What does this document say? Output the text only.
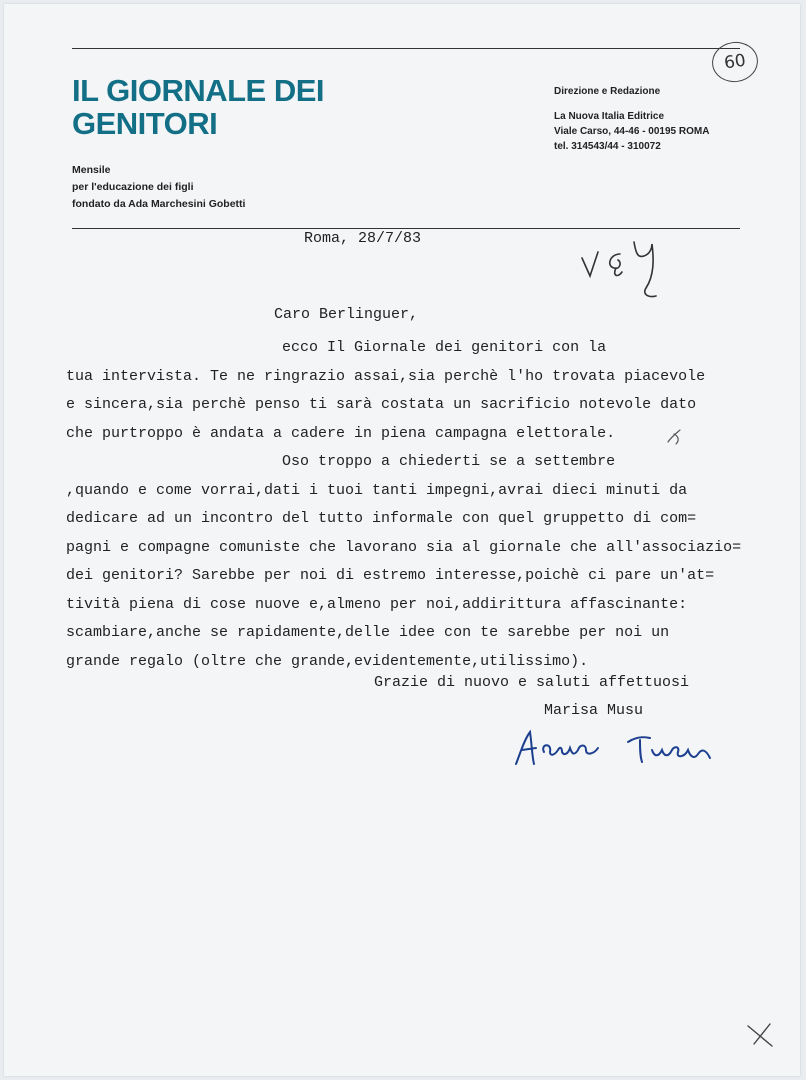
IL GIORNALE DEI
GENITORI
60
Direzione e Redazione
La Nuova Italia Editrice
Viale Carso, 44-46 - 00195 ROMA
tel. 314543/44 - 310072
Mensile
per l'educazione dei figli
fondato da Ada Marchesini Gobetti
Roma, 28/7/83
Caro Berlinguer,
ecco Il Giornale dei genitori con la
tua intervista. Te ne ringrazio assai,sia perchè l'ho trovata piacevole
e sincera,sia perchè penso ti sarà costata un sacrificio notevole dato
che purtroppo è andata a cadere in piena campagna elettorale.
Oso troppo a chiederti se a settembre
,quando e come vorrai,dati i tuoi tanti impegni,avrai dieci minuti da
dedicare ad un incontro del tutto informale con quel gruppetto di com=
pagni e compagne comuniste che lavorano sia al giornale che all'associazio=
dei genitori? Sarebbe per noi di estremo interesse,poichè ci pare un'at=
tività piena di cose nuove e,almeno per noi,addirittura affascinante:
scambiare,anche se rapidamente,delle idee con te sarebbe per noi un
grande regalo (oltre che grande,evidentemente,utilissimo).
Grazie di nuovo e saluti affettuosi
Marisa Musu
